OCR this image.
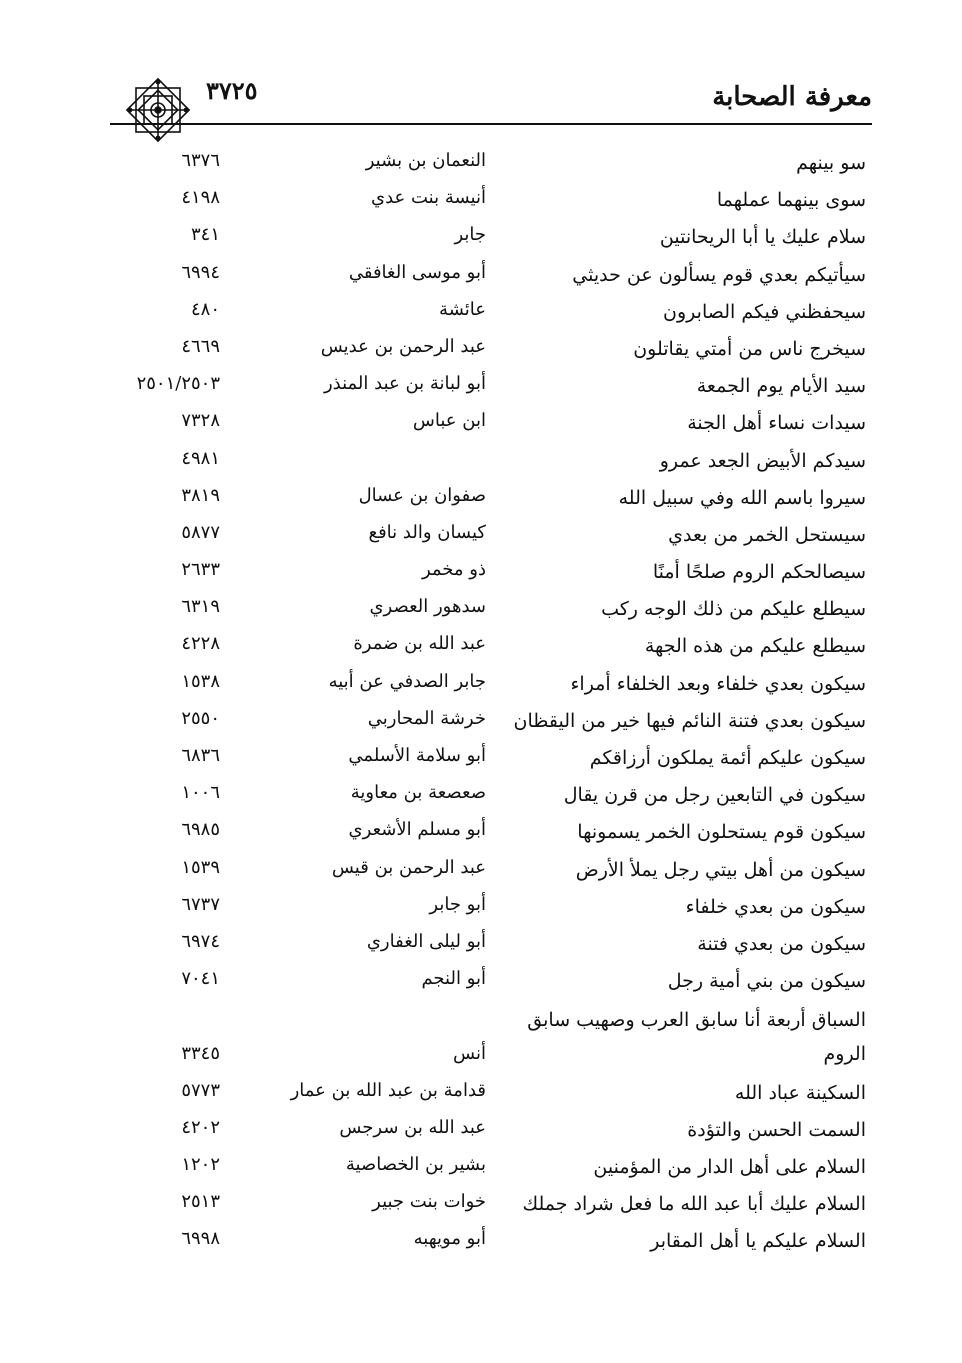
٣٧٢٥	معرفة الصحابة
سو بينهم
النعمان بن بشير
٦٣٧٦
سوى بينهما عملهما
أنيسة بنت عدي
٤١٩٨
سلام عليك يا أبا الريحانتين
جابر
٣٤١
سيأتيكم بعدي قوم يسألون عن حديثي
أبو موسى الغافقي
٦٩٩٤
سيحفظني فيكم الصابرون
عائشة
٤٨٠
سيخرج ناس من أمتي يقاتلون
عبد الرحمن بن عديس
٤٦٦٩
سيد الأيام يوم الجمعة
أبو لبانة بن عبد المنذر
٢٥٠١/٢٥٠٣
سيدات نساء أهل الجنة
ابن عباس
٧٣٢٨
سيدكم الأبيض الجعد عمرو
٤٩٨١
سيروا باسم الله وفي سبيل الله
صفوان بن عسال
٣٨١٩
سيستحل الخمر من بعدي
كيسان والد نافع
٥٨٧٧
سيصالحكم الروم صلحًا أمنًا
ذو مخمر
٢٦٣٣
سيطلع عليكم من ذلك الوجه ركب
سدهور العصري
٦٣١٩
سيطلع عليكم من هذه الجهة
عبد الله بن ضمرة
٤٢٢٨
سيكون بعدي خلفاء وبعد الخلفاء أمراء
جابر الصدفي عن أبيه
١٥٣٨
سيكون بعدي فتنة النائم فيها خير من اليقظان
خرشة المحاربي
٢٥٥٠
سيكون عليكم أئمة يملكون أرزاقكم
أبو سلامة الأسلمي
٦٨٣٦
سيكون في التابعين رجل من قرن يقال
صعصعة بن معاوية
١٠٠٦
سيكون قوم يستحلون الخمر يسمونها
أبو مسلم الأشعري
٦٩٨٥
سيكون من أهل بيتي رجل يملأ الأرض
عبد الرحمن بن قيس
١٥٣٩
سيكون من بعدي خلفاء
أبو جابر
٦٧٣٧
سيكون من بعدي فتنة
أبو ليلى الغفاري
٦٩٧٤
سيكون من بني أمية رجل
أبو النجم
٧٠٤١
السباق أربعة أنا سابق العرب وصهيب سابق
الروم
أنس
٣٣٤٥
السكينة عباد الله
قدامة بن عبد الله بن عمار
٥٧٧٣
السمت الحسن والتؤدة
عبد الله بن سرجس
٤٢٠٢
السلام على أهل الدار من المؤمنين
بشير بن الخصاصية
١٢٠٢
السلام عليك أبا عبد الله ما فعل شراد جملك
خوات بنت جبير
٢٥١٣
السلام عليكم يا أهل المقابر
أبو مويهبه
٦٩٩٨
